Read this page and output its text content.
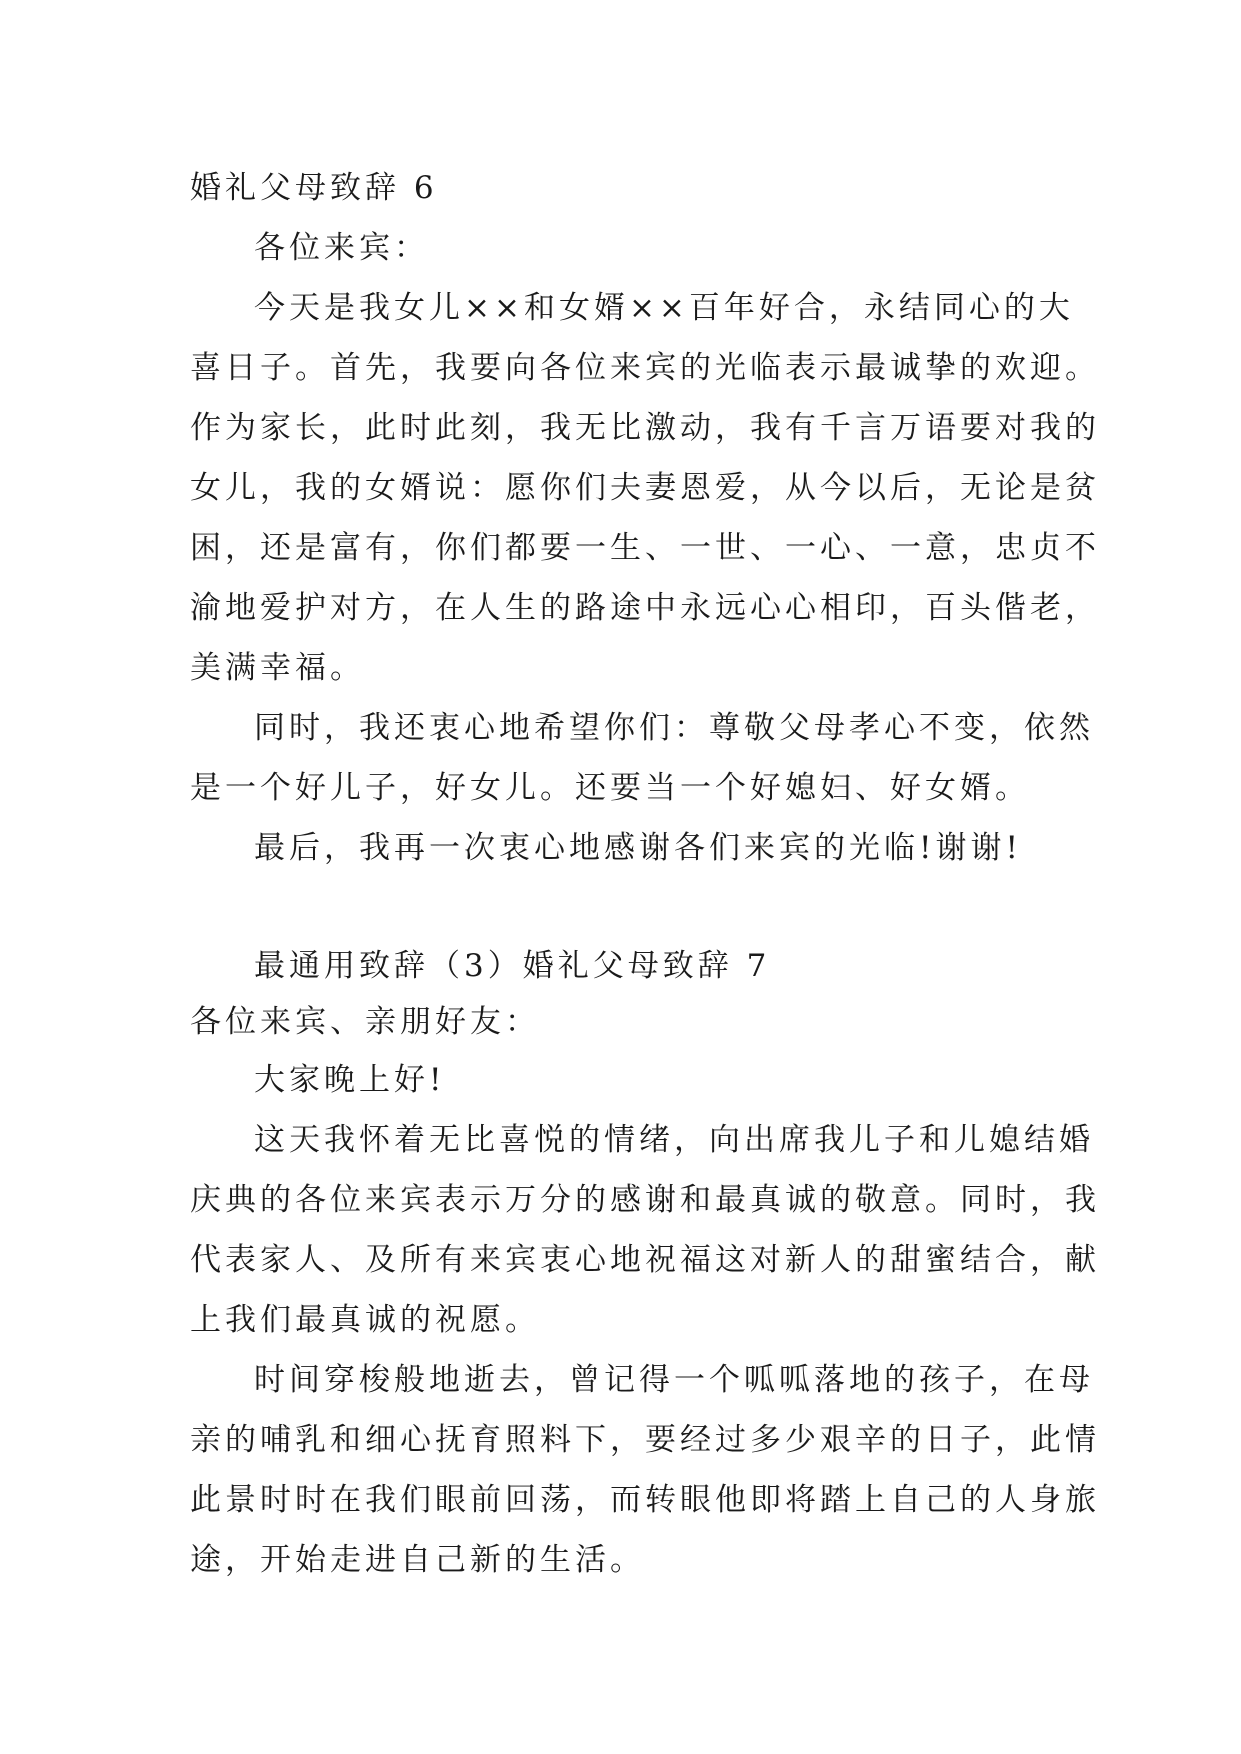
婚礼父母致辞 6

各位来宾：

今天是我女儿××和女婿××百年好合，永结同心的大

喜日子。首先，我要向各位来宾的光临表示最诚挚的欢迎。

作为家长，此时此刻，我无比激动，我有千言万语要对我的

女儿，我的女婿说：愿你们夫妻恩爱，从今以后，无论是贫

困，还是富有，你们都要一生、一世、一心、一意，忠贞不

渝地爱护对方，在人生的路途中永远心心相印，百头偕老，

美满幸福。

同时，我还衷心地希望你们：尊敬父母孝心不变，依然

是一个好儿子，好女儿。还要当一个好媳妇、好女婿。

最后，我再一次衷心地感谢各们来宾的光临!谢谢!

最通用致辞（3）婚礼父母致辞 7

各位来宾、亲朋好友：

大家晚上好!

这天我怀着无比喜悦的情绪，向出席我儿子和儿媳结婚

庆典的各位来宾表示万分的感谢和最真诚的敬意。同时，我

代表家人、及所有来宾衷心地祝福这对新人的甜蜜结合，献

上我们最真诚的祝愿。

时间穿梭般地逝去，曾记得一个呱呱落地的孩子，在母

亲的哺乳和细心抚育照料下，要经过多少艰辛的日子，此情

此景时时在我们眼前回荡，而转眼他即将踏上自己的人身旅

途，开始走进自己新的生活。
